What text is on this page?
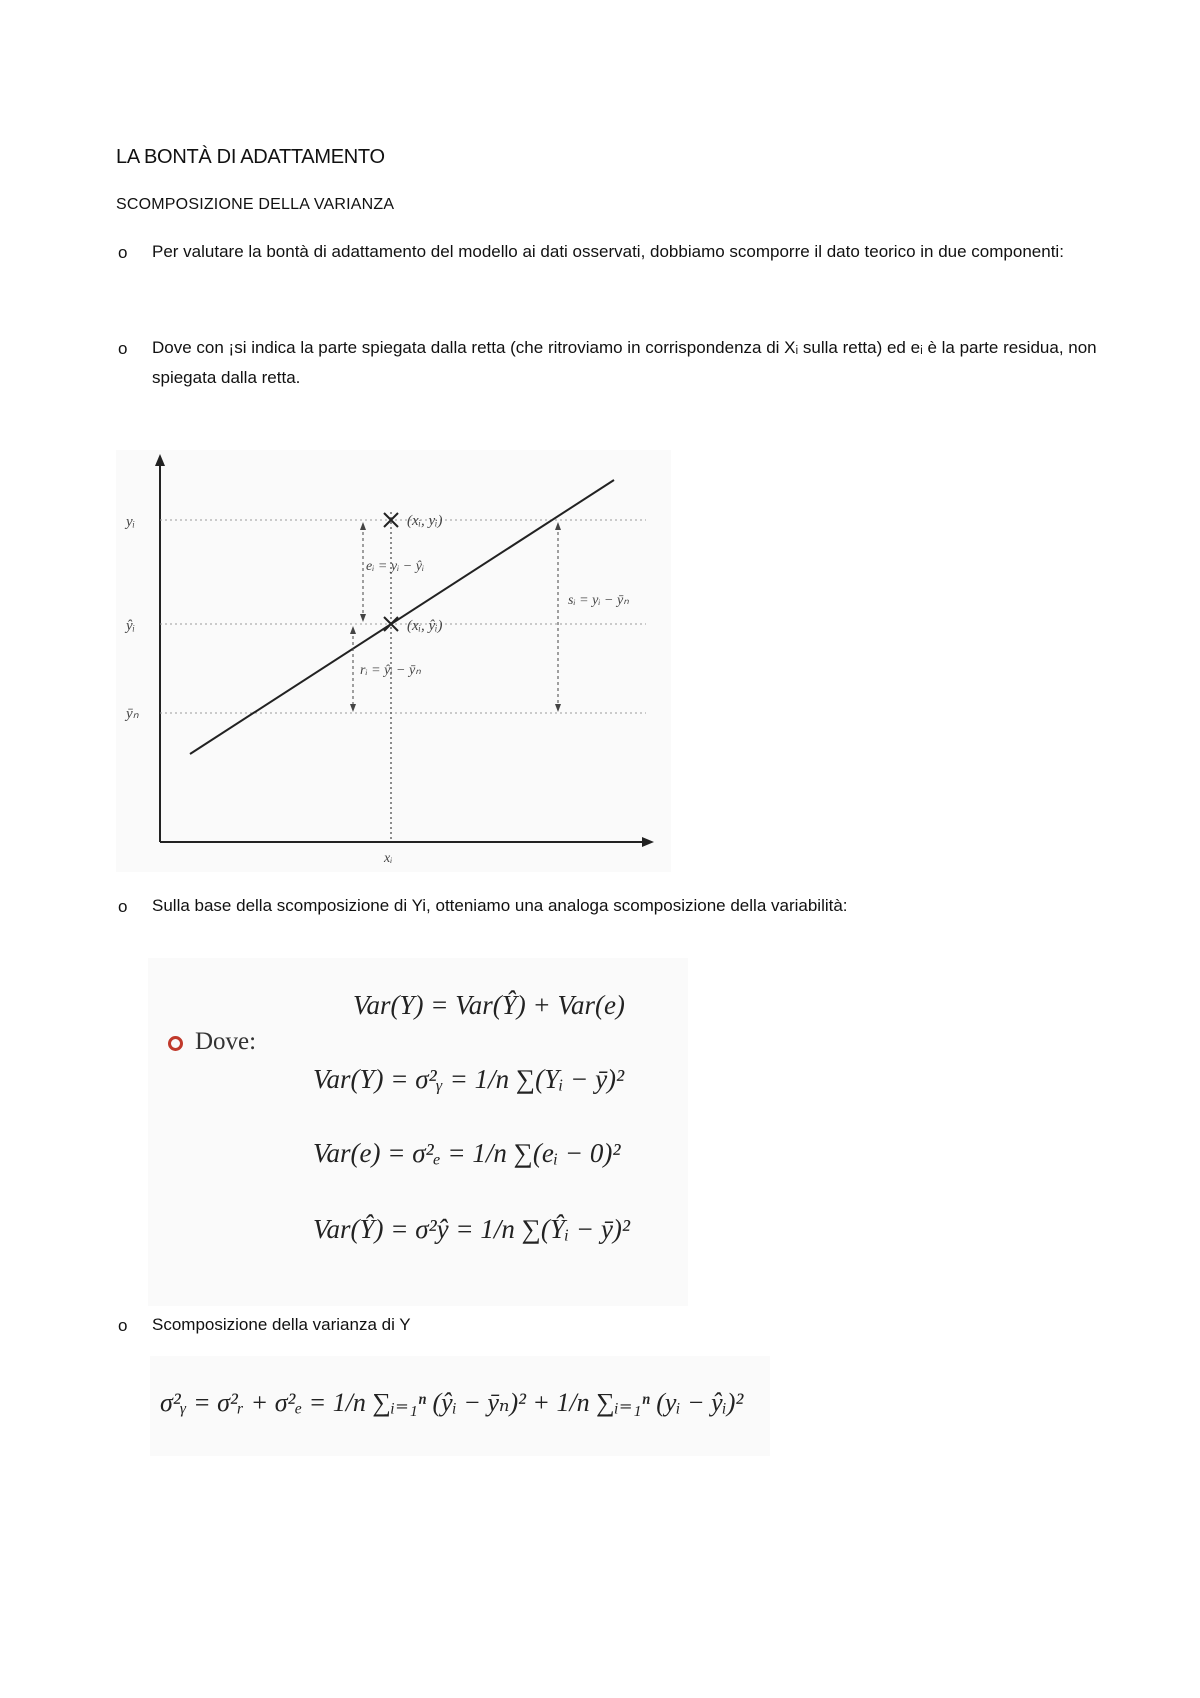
LA BONTÀ DI ADATTAMENTO
SCOMPOSIZIONE DELLA VARIANZA
o Per valutare la bontà di adattamento del modello ai dati osservati, dobbiamo scomporre il dato teorico in due componenti:
o Dove con ¡si indica la parte spiegata dalla retta (che ritroviamo in corrispondenza di Xᵢ sulla retta) ed eᵢ è la parte residua, non spiegata dalla retta.
yᵢ
ŷᵢ
ȳₙ
xᵢ
(xᵢ, yᵢ)
(xᵢ, ŷᵢ)
eᵢ = yᵢ − ŷᵢ
rᵢ = ŷᵢ − ȳₙ
sᵢ = yᵢ − ȳₙ
o Sulla base della scomposizione di Yi, otteniamo una analoga scomposizione della variabilità:
Dove:
Var(Y) = Var(Ŷ) + Var(e)
Var(Y) = σ²ᵧ = 1/n ∑(Yᵢ − ȳ)²
Var(e) = σ²ₑ = 1/n ∑(eᵢ − 0)²
Var(Ŷ) = σ²ŷ = 1/n ∑(Ŷᵢ − ȳ)²
o Scomposizione della varianza di Y
σ²ᵧ = σ²ᵣ + σ²ₑ = 1/n ∑ᵢ₌₁ⁿ (ŷᵢ − ȳₙ)² + 1/n ∑ᵢ₌₁ⁿ (yᵢ − ŷᵢ)²
